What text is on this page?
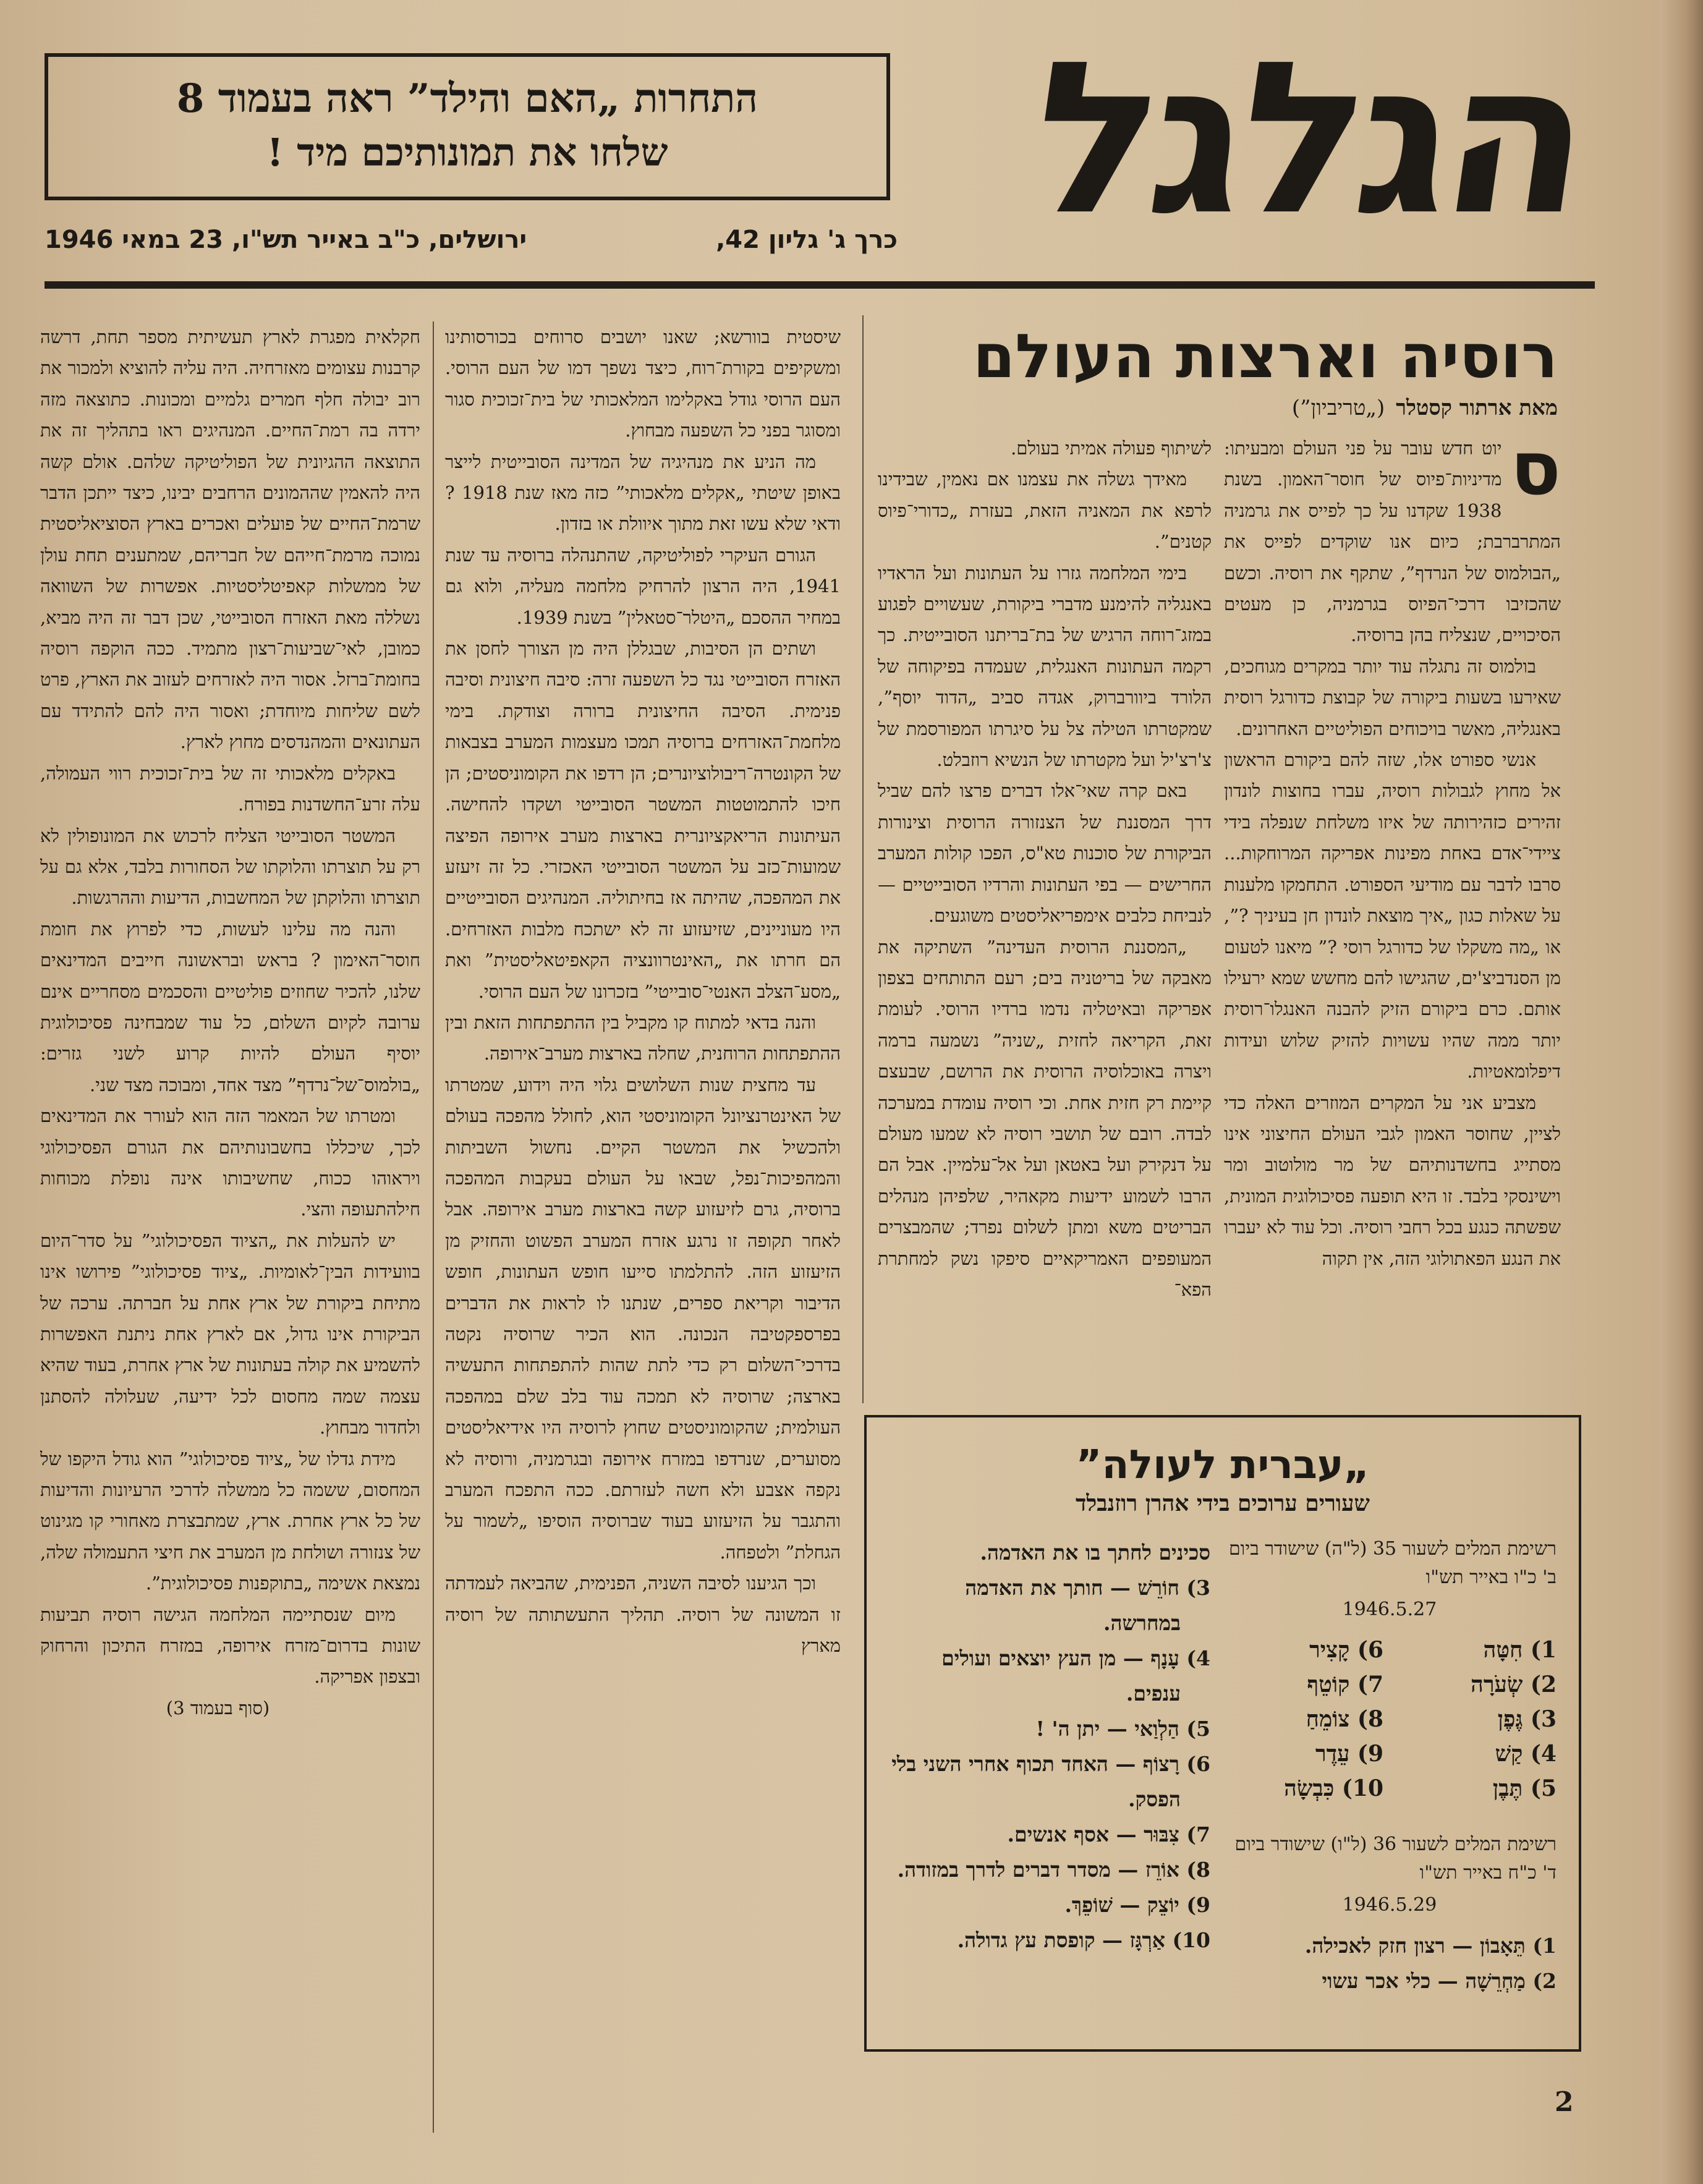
התחרות „האם והילד” ראה בעמוד 8
שלחו את תמונותיכם מיד !	הגלגל
כרך ג' גליון 42,
ירושלים, כ"ב באייר תש"ו, 23 במאי 1946
רוסיה וארצות העולם
מאת ארתור קסטלר(„טריביון”)

ס
יוט חדש עובר על פני העולם ומבעיתו: מדיניות־פיוס של חוסר־האמון. בשנת 1938 שקדנו על כך לפייס את גרמניה המתרברבת; כיום אנו שוקדים לפייס את „הבולמוס של הנרדף”, שתקף את רוסיה. וכשם שהכזיבו דרכי־הפיוס בגרמניה, כן מעטים הסיכויים, שנצליח בהן ברוסיה.

בולמוס זה נתגלה עוד יותר במקרים מגוחכים, שאירעו בשעות ביקורה של קבוצת כדורגל רוסית באנגליה, מאשר בויכוחים הפוליטיים האחרונים.

אנשי ספורט אלו, שזה להם ביקורם הראשון אל מחוץ לגבולות רוסיה, עברו בחוצות לונדון זהירים כזהירותה של איזו משלחת שנפלה בידי ציידי־אדם באחת מפינות אפריקה המרוחקות... סרבו לדבר עם מודיעי הספורט. התחמקו מלענות על שאלות כגון „איך מוצאת לונדון חן בעיניך ?”, או „מה משקלו של כדורגל רוסי ?” מיאנו לטעום מן הסנדביצ'ים, שהגישו להם מחשש שמא ירעילו אותם. כרם ביקורם הזיק להבנה האנגלו־רוסית יותר ממה שהיו עשויות להזיק שלוש ועידות דיפלומאטיות.

מצביע אני על המקרים המוזרים האלה כדי לציין, שחוסר האמון לגבי העולם החיצוני אינו מסתייג בחשדנותיהם של מר מולוטוב ומר וישינסקי בלבד. זו היא תופעה פסיכולוגית המונית, שפשתה כנגע בכל רחבי רוסיה. וכל עוד לא יעברו את הנגע הפאתולוגי הזה, אין תקוה

לשיתוף פעולה אמיתי בעולם.

מאידך גשלה את עצמנו אם נאמין, שבידינו לרפא את המאניה הזאת, בעזרת „כדורי־פיוס קטנים”.

בימי המלחמה גזרו על העתונות ועל הראדיו באנגליה להימנע מדברי ביקורת, שעשויים לפגוע במזג־רוחה הרגיש של בת־בריתנו הסובייטית. כך רקמה העתונות האנגלית, שעמדה בפיקוחה של הלורד ביוורברוק, אגדה סביב „הדוד יוסף”, שמקטרתו הטילה צל על סיגרתו המפורסמת של צ'רצ'יל ועל מקטרתו של הנשיא רוזבלט.

באם קרה שאי־אלו דברים פרצו להם שביל דרך המסננת של הצנזורה הרוסית וצינורות הביקורת של סוכנות טא"ס, הפכו קולות המערב החרישים — בפי העתונות והרדיו הסובייטיים — לנביחת כלבים אימפריאליסטים משוגעים.

„המסננת הרוסית העדינה” השתיקה את מאבקה של בריטניה בים; רעם התותחים בצפון אפריקה ובאיטליה נדמו ברדיו הרוסי. לעומת זאת, הקריאה לחזית „שניה” נשמעה ברמה ויצרה באוכלוסיה הרוסית את הרושם, שבעצם קיימת רק חזית אחת. וכי רוסיה עומדת במערכה לבדה. רובם של תושבי רוסיה לא שמעו מעולם על דנקירק ועל באטאן ועל אל־עלמיין. אבל הם הרבו לשמוע ידיעות מקאהיר, שלפיהן מנהלים הבריטים משא ומתן לשלום נפרד; שהמבצרים המעופפים האמריקאיים סיפקו נשק למחתרת הפא־

שיסטית בוורשא; שאנו יושבים סרוחים בכורסותינו ומשקיפים בקורת־רוח, כיצד נשפך דמו של העם הרוסי. העם הרוסי גודל באקלימו המלאכותי של בית־זכוכית סגור ומסוגר בפני כל השפעה מבחוץ.

מה הניע את מנהיגיה של המדינה הסובייטית לייצר באופן שיטתי „אקלים מלאכותי” כזה מאז שנת 1918 ? ודאי שלא עשו זאת מתוך איוולת או בזדון.

הגורם העיקרי לפוליטיקה, שהתנהלה ברוסיה עד שנת 1941, היה הרצון להרחיק מלחמה מעליה, ולוא גם במחיר ההסכם „היטלר־סטאלין” בשנת 1939.

ושתים הן הסיבות, שבגללן היה מן הצורך לחסן את האזרח הסובייטי נגד כל השפעה זרה: סיבה חיצונית וסיבה פנימית. הסיבה החיצונית ברורה וצודקת. בימי מלחמת־האזרחים ברוסיה תמכו מעצמות המערב בצבאות של הקונטרה־ריבולוציונרים; הן רדפו את הקומוניסטים; הן חיכו להתמוטטות המשטר הסובייטי ושקדו להחישה. העיתונות הריאקציונרית בארצות מערב אירופה הפיצה שמועות־כזב על המשטר הסובייטי האכזרי. כל זה זיעזע את המהפכה, שהיתה אז בחיתוליה. המנהיגים הסובייטיים היו מעוניינים, שזיעזוע זה לא ישתכח מלבות האזרחים. הם חרתו את „האינטרוונציה הקאפיטאליסטית” ואת „מסע־הצלב האנטי־סובייטי” בזכרונו של העם הרוסי.

והנה בדאי למתוח קו מקביל בין ההתפתחות הזאת ובין ההתפתחות הרוחנית, שחלה בארצות מערב־אירופה.

עד מחצית שנות השלושים גלוי היה וידוע, שמטרתו של האינטרנציונל הקומוניסטי הוא, לחולל מהפכה בעולם ולהכשיל את המשטר הקיים. נחשול השביתות והמהפיכות־נפל, שבאו על העולם בעקבות המהפכה ברוסיה, גרם לזיעזוע קשה בארצות מערב אירופה. אבל לאחר תקופה זו נרגע אזרח המערב הפשוט והחזיק מן הזיעזוע הזה. להתלמתו סייעו חופש העתונות, חופש הדיבור וקריאת ספרים, שנתנו לו לראות את הדברים בפרספקטיבה הנכונה. הוא הכיר שרוסיה נקטה בדרכי־השלום רק כדי לתת שהות להתפתחות התעשיה בארצה; שרוסיה לא תמכה עוד בלב שלם במהפכה העולמית; שהקומוניסטים שחוץ לרוסיה היו אידיאליסטים מסוערים, שנרדפו במזרח אירופה ובגרמניה, ורוסיה לא נקפה אצבע ולא חשה לעזרתם. ככה התפכח המערב והתגבר על הזיעזוע בעוד שברוסיה הוסיפו „לשמור על הגחלת” ולטפחה.

וכך הגיענו לסיבה השניה, הפנימית, שהביאה לעמדתה זו המשונה של רוסיה. תהליך התעשתותה של רוסיה מארץ

חקלאית מפגרת לארץ תעשיתית מספר תחת, דרשה קרבנות עצומים מאזרחיה. היה עליה להוציא ולמכור את רוב יבולה חלף חמרים גלמיים ומכונות. כתוצאה מזה ירדה בה רמת־החיים. המנהיגים ראו בתהליך זה את התוצאה ההגיונית של הפוליטיקה שלהם. אולם קשה היה להאמין שההמונים הרחבים יבינו, כיצד ייתכן הדבר שרמת־החיים של פועלים ואכרים בארץ הסוציאליסטית נמוכה מרמת־חייהם של חבריהם, שמתענים תחת עולן של ממשלות קאפיטליסטיות. אפשרות של השוואה נשללה מאת האזרח הסובייטי, שכן דבר זה היה מביא, כמובן, לאי־שביעות־רצון מתמיד. ככה הוקפה רוסיה בחומת־ברזל. אסור היה לאזרחים לעזוב את הארץ, פרט לשם שליחות מיוחדת; ואסור היה להם להתידד עם העתונאים והמהנדסים מחוץ לארץ.

באקלים מלאכותי זה של בית־זכוכית רווי העמולה, עלה זרע־החשדנות בפורח.

המשטר הסובייטי הצליח לרכוש את המונופולין לא רק על תוצרתו והלוקתו של הסחורות בלבד, אלא גם על תוצרתו והלוקתן של המחשבות, הדיעות וההרגשות.

והנה מה עלינו לעשות, כדי לפרוץ את חומת חוסר־האימון ? בראש ובראשונה חייבים המדינאים שלנו, להכיר שחוזים פוליטיים והסכמים מסחריים אינם ערובה לקיום השלום, כל עוד שמבחינה פסיכולוגית יוסיף העולם להיות קרוע לשני גזרים: „בולמוס־של־נרדף” מצד אחד, ומבוכה מצד שני.

ומטרתו של המאמר הזה הוא לעורר את המדינאים לכך, שיכללו בחשבונותיהם את הגורם הפסיכולוגי ויראוהו ככוח, שחשיבותו אינה נופלת מכוחות חילהתעופה והצי.

יש להעלות את „הציוד הפסיכולוגי” על סדר־היום בוועידות הבין־לאומיות. „ציוד פסיכולוגי” פירושו אינו מתיחת ביקורת של ארץ אחת על חברתה. ערכה של הביקורת אינו גדול, אם לארץ אחת ניתנת האפשרות להשמיע את קולה בעתונות של ארץ אחרת, בעוד שהיא עצמה שמה מחסום לכל ידיעה, שעלולה להסתנן ולחדור מבחוץ.

מידת גדלו של „ציוד פסיכולוגי” הוא גודל היקפו של המחסום, ששמה כל ממשלה לדרכי הרעיונות והדיעות של כל ארץ אחרת. ארץ, שמתבצרת מאחורי קו מגינוט של צנזורה ושולחת מן המערב את חיצי התעמולה שלה, נמצאת אשימה „בתוקפנות פסיכולוגית”.

מיום שנסתיימה המלחמה הגישה רוסיה תביעות שונות בדרום־מזרח אירופה, במזרח התיכון והרחוק ובצפון אפריקה.

(סוף בעמוד 3)

„עברית לעולה”
שעורים ערוכים בידי אהרן רוזנבלד
רשימת המלים לשעור 35 (ל"ה) שישודר ביום ב' כ"ו באייר תש"ו
1946.5.27
1) חִטָּה
6) קָצִיר
2) שְׂעֹרָה
7) קוֹטֵף
3) גֶּפֶן
8) צוֹמֵחַ
4) קַשׁ
9) עֵדֶר
5) תֶּבֶן
10) כִּבְשָׂה
רשימת המלים לשעור 36 (ל"ו) שישודר ביום ד' כ"ח באייר תש"ו
1946.5.29
1) תֵּאָבוֹן — רצון חזק לאכילה.
2) מַחְרֵשָׁה — כלי אכר עשוי
סכינים לחתך בו את האדמה.
3) חוֹרֵשׁ — חותך את האדמה במחרשה.
4) עָנָף — מן העץ יוצאים ועולים ענפים.
5) הַלְוַאי — יתן ה' !
6) רָצוֹף — האחד תכוף אחרי השני בלי הפסק.
7) צִבּוּר — אסף אנשים.
8) אוֹרֵז — מסדר דברים לדרך במזודה.
9) יוֹצֵק — שׁוֹפֵךְ.
10) אַרְגָּז — קופסת עץ גדולה.
2
